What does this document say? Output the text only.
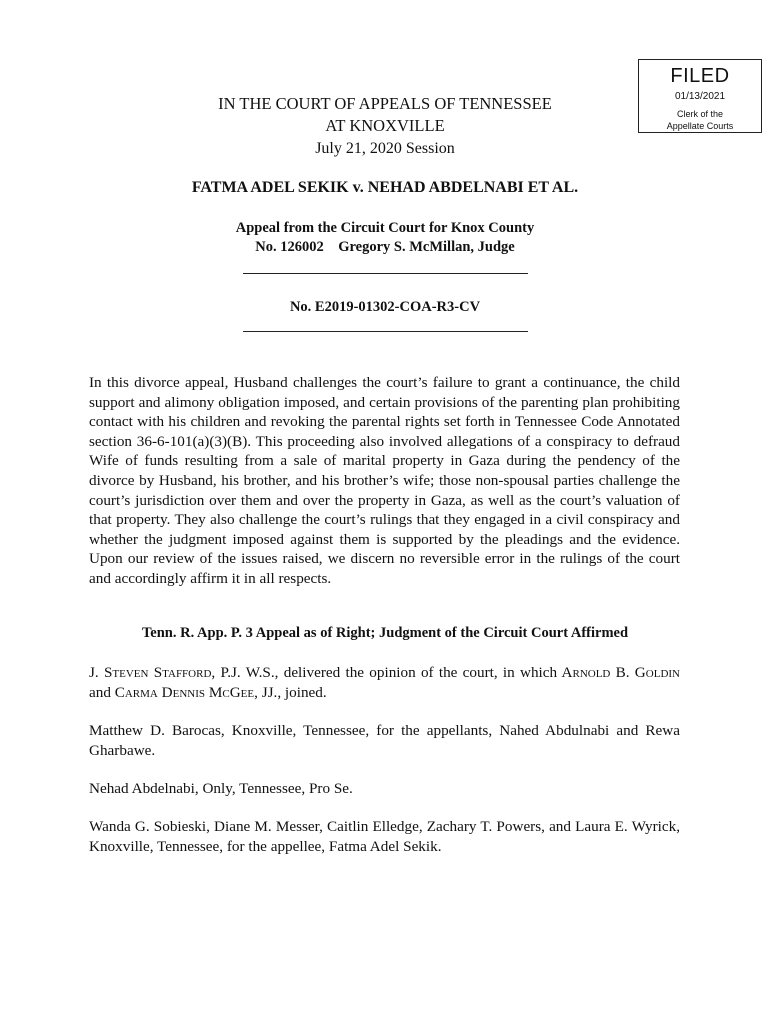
FILED
01/13/2021
Clerk of the
Appellate Courts
IN THE COURT OF APPEALS OF TENNESSEE
AT KNOXVILLE
July 21, 2020 Session
FATMA ADEL SEKIK v. NEHAD ABDELNABI ET AL.
Appeal from the Circuit Court for Knox County
No. 126002    Gregory S. McMillan, Judge
No. E2019-01302-COA-R3-CV
In this divorce appeal, Husband challenges the court’s failure to grant a continuance, the child support and alimony obligation imposed, and certain provisions of the parenting plan prohibiting contact with his children and revoking the parental rights set forth in Tennessee Code Annotated section 36-6-101(a)(3)(B). This proceeding also involved allegations of a conspiracy to defraud Wife of funds resulting from a sale of marital property in Gaza during the pendency of the divorce by Husband, his brother, and his brother’s wife; those non-spousal parties challenge the court’s jurisdiction over them and over the property in Gaza, as well as the court’s valuation of that property. They also challenge the court’s rulings that they engaged in a civil conspiracy and whether the judgment imposed against them is supported by the pleadings and the evidence. Upon our review of the issues raised, we discern no reversible error in the rulings of the court and accordingly affirm it in all respects.
Tenn. R. App. P. 3 Appeal as of Right; Judgment of the Circuit Court Affirmed
J. Steven Stafford, P.J. W.S., delivered the opinion of the court, in which Arnold B. Goldin and Carma Dennis McGee, JJ., joined.
Matthew D. Barocas, Knoxville, Tennessee, for the appellants, Nahed Abdulnabi and Rewa Gharbawe.
Nehad Abdelnabi, Only, Tennessee, Pro Se.
Wanda G. Sobieski, Diane M. Messer, Caitlin Elledge, Zachary T. Powers, and Laura E. Wyrick, Knoxville, Tennessee, for the appellee, Fatma Adel Sekik.
